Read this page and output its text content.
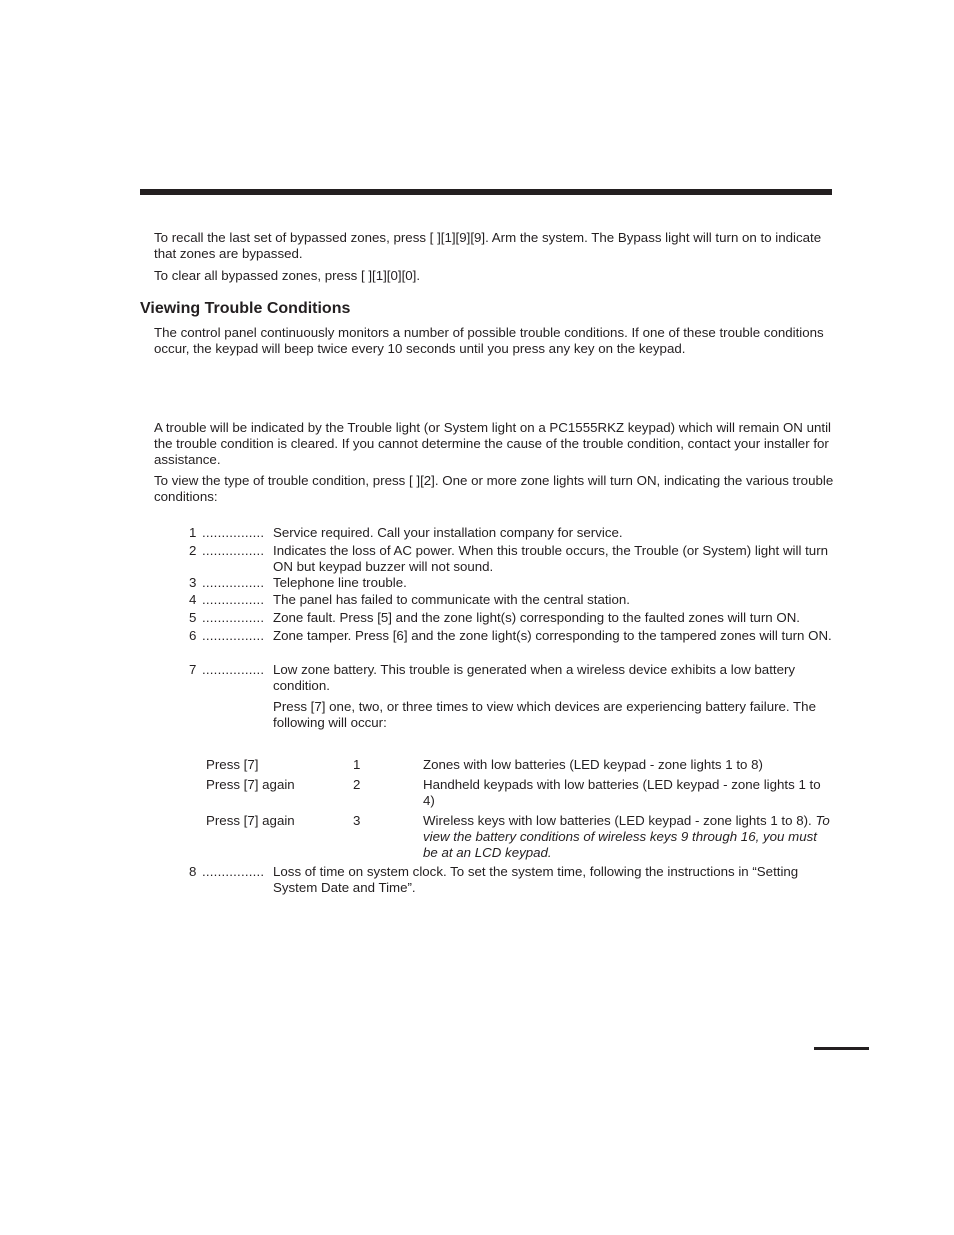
To recall the last set of bypassed zones, press [ ][1][9][9]. Arm the system. The Bypass light will turn on to indicate that zones are bypassed.

To clear all bypassed zones, press [ ][1][0][0].

Viewing Trouble Conditions

The control panel continuously monitors a number of possible trouble conditions. If one of these trouble conditions occur, the keypad will beep twice every 10 seconds until you press any key on the keypad.

A trouble will be indicated by the Trouble light (or System light on a PC1555RKZ keypad) which will remain ON until the trouble condition is cleared. If you cannot determine the cause of the trouble condition, contact your installer for assistance.

To view the type of trouble condition, press [ ][2]. One or more zone lights will turn ON, indicating the various trouble conditions:

1 ................ Service required. Call your installation company for service.
2 ................ Indicates the loss of AC power. When this trouble occurs, the Trouble (or System) light will turn ON but keypad buzzer will not sound.
3 ................ Telephone line trouble.
4 ................ The panel has failed to communicate with the central station.
5 ................ Zone fault. Press [5] and the zone light(s) corresponding to the faulted zones will turn ON.
6 ................ Zone tamper. Press [6] and the zone light(s) corresponding to the tampered zones will turn ON.
7 ................ Low zone battery. This trouble is generated when a wireless device exhibits a low battery condition.

Press [7] one, two, or three times to view which devices are experiencing battery failure. The following will occur:

Press [7]	1	Zones with low batteries (LED keypad - zone lights 1 to 8)
Press [7] again	2	Handheld keypads with low batteries (LED keypad - zone lights 1 to 4)
Press [7] again	3	Wireless keys with low batteries (LED keypad - zone lights 1 to 8). To view the battery conditions of wireless keys 9 through 16, you must be at an LCD keypad.
8 ................ Loss of time on system clock. To set the system time, following the instructions in “Setting System Date and Time”.
